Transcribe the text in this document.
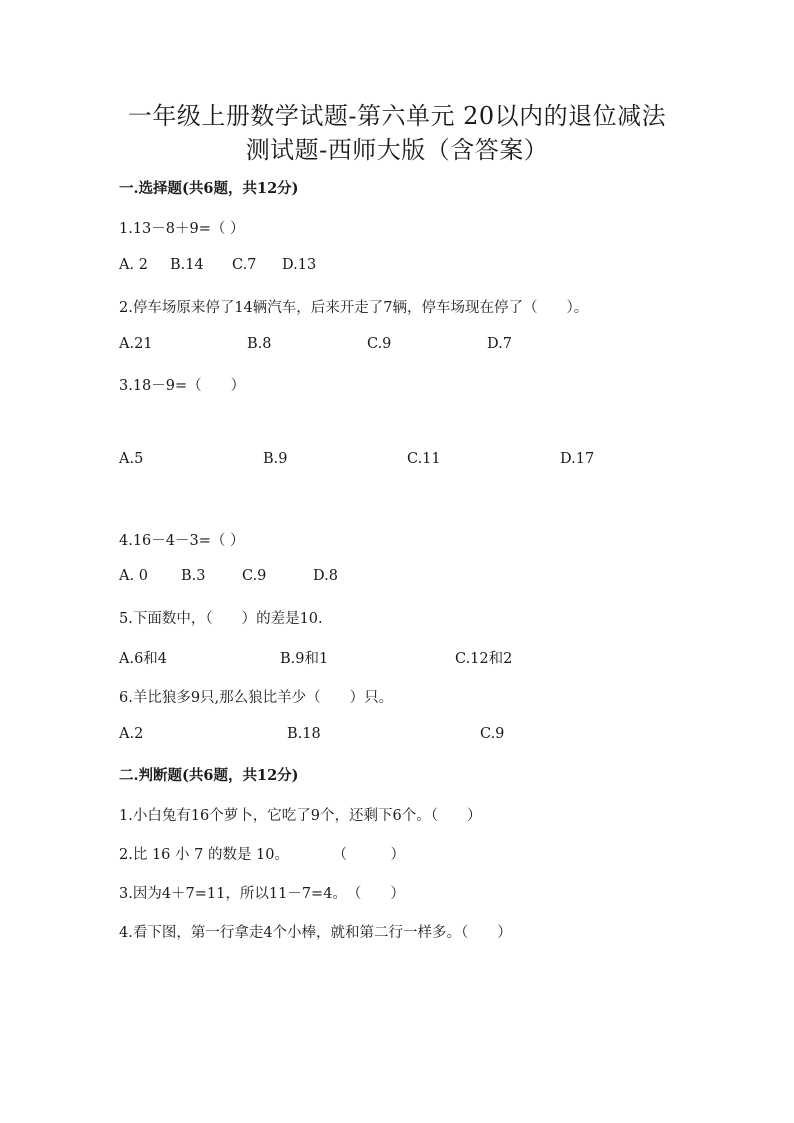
一年级上册数学试题-第六单元 20以内的退位减法
测试题-西师大版（含答案）
一.选择题(共6题，共12分)
1.13－8＋9=（ ）
A. 2 B.14 C.7 D.13
2.停车场原来停了14辆汽车，后来开走了7辆，停车场现在停了（　　）。
A.21	B.8	C.9	D.7
3.18－9=（　　）
A.5	B.9	C.11	D.17
4.16－4－3=（ ）
A. 0 B.3	C.9	D.8
5.下面数中，（　　）的差是10.
A.6和4	B.9和1	C.12和2
6.羊比狼多9只,那么狼比羊少（　　）只。
A.2	B.18	C.9
二.判断题(共6题，共12分)
1.小白兔有16个萝卜，它吃了9个，还剩下6个。（　　）
2.比 16 小 7 的数是 10。　　　　（　　　）
3.因为4＋7=11，所以11－7=4。　（　　）
4.看下图，第一行拿走4个小棒，就和第二行一样多。（　　）
